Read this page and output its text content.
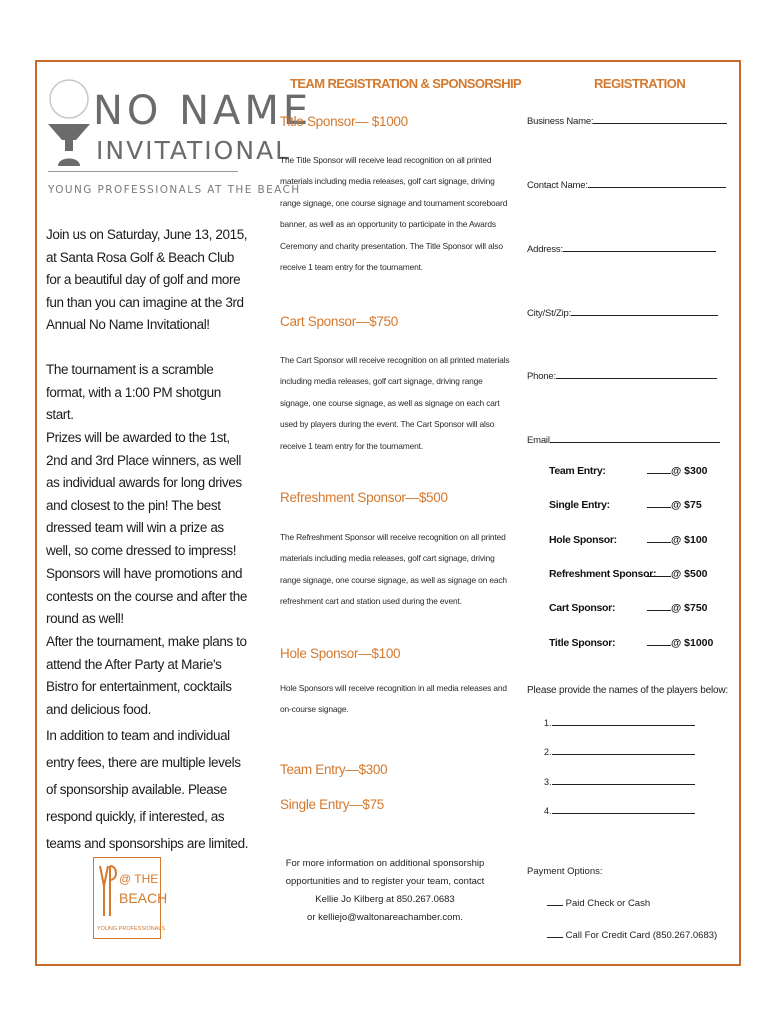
NO NAME
INVITATIONAL
YOUNG PROFESSIONALS AT THE BEACH
Join us on Saturday, June 13, 2015, at Santa Rosa Golf & Beach Club for a beautiful day of golf and more fun than you can imagine at the 3rd Annual No Name Invitational!
The tournament is a scramble format, with a 1:00 PM shotgun start.
Prizes will be awarded to the 1st, 2nd and 3rd Place winners, as well as individual awards for long drives and closest to the pin! The best dressed team will win a prize as well, so come dressed to impress!
Sponsors will have promotions and contests on the course and after the round as well!
After the tournament, make plans to attend the After Party at Marie's Bistro for entertainment, cocktails and delicious food.
In addition to team and individual entry fees, there are multiple levels of sponsorship available. Please respond quickly, if interested, as teams and sponsorships are limited.
@ THE
BEACH
YOUNG PROFESSIONALS
TEAM REGISTRATION & SPONSORSHIP
Title Sponsor— $1000
The Title Sponsor will receive lead recognition on all printed materials including media releases, golf cart signage, driving range signage, one course signage and tournament scoreboard banner, as well as an opportunity to participate in the Awards Ceremony and charity presentation. The Title Sponsor will also receive 1 team entry for the tournament.
Cart Sponsor—$750
The Cart Sponsor will receive recognition on all printed materials including media releases, golf cart signage, driving range signage, one course signage, as well as signage on each cart used by players during the event. The Cart Sponsor will also receive 1 team entry for the tournament.
Refreshment Sponsor—$500
The Refreshment Sponsor will receive recognition on all printed materials including media releases, golf cart signage, driving range signage, one course signage, as well as signage on each refreshment cart and station used during the event.
Hole Sponsor—$100
Hole Sponsors will receive recognition in all media releases and on-course signage.
Team Entry—$300
Single Entry—$75
For more information on additional sponsorship
opportunities and to register your team, contact
Kellie Jo Kilberg at 850.267.0683
or kelliejo@waltonareachamber.com.
REGISTRATION
Business Name:
Contact Name:
Address:
City/St/Zip:
Phone:
Email
Team Entry:	@ $300
Single Entry:	@ $75
Hole Sponsor:	@ $100
Refreshment Sponsor:	@ $500
Cart Sponsor:	@ $750
Title Sponsor:	@ $1000
Please provide the names of the players below:
1.
2.
3.
4.
Payment Options:
Paid Check or Cash
Call For Credit Card (850.267.0683)
